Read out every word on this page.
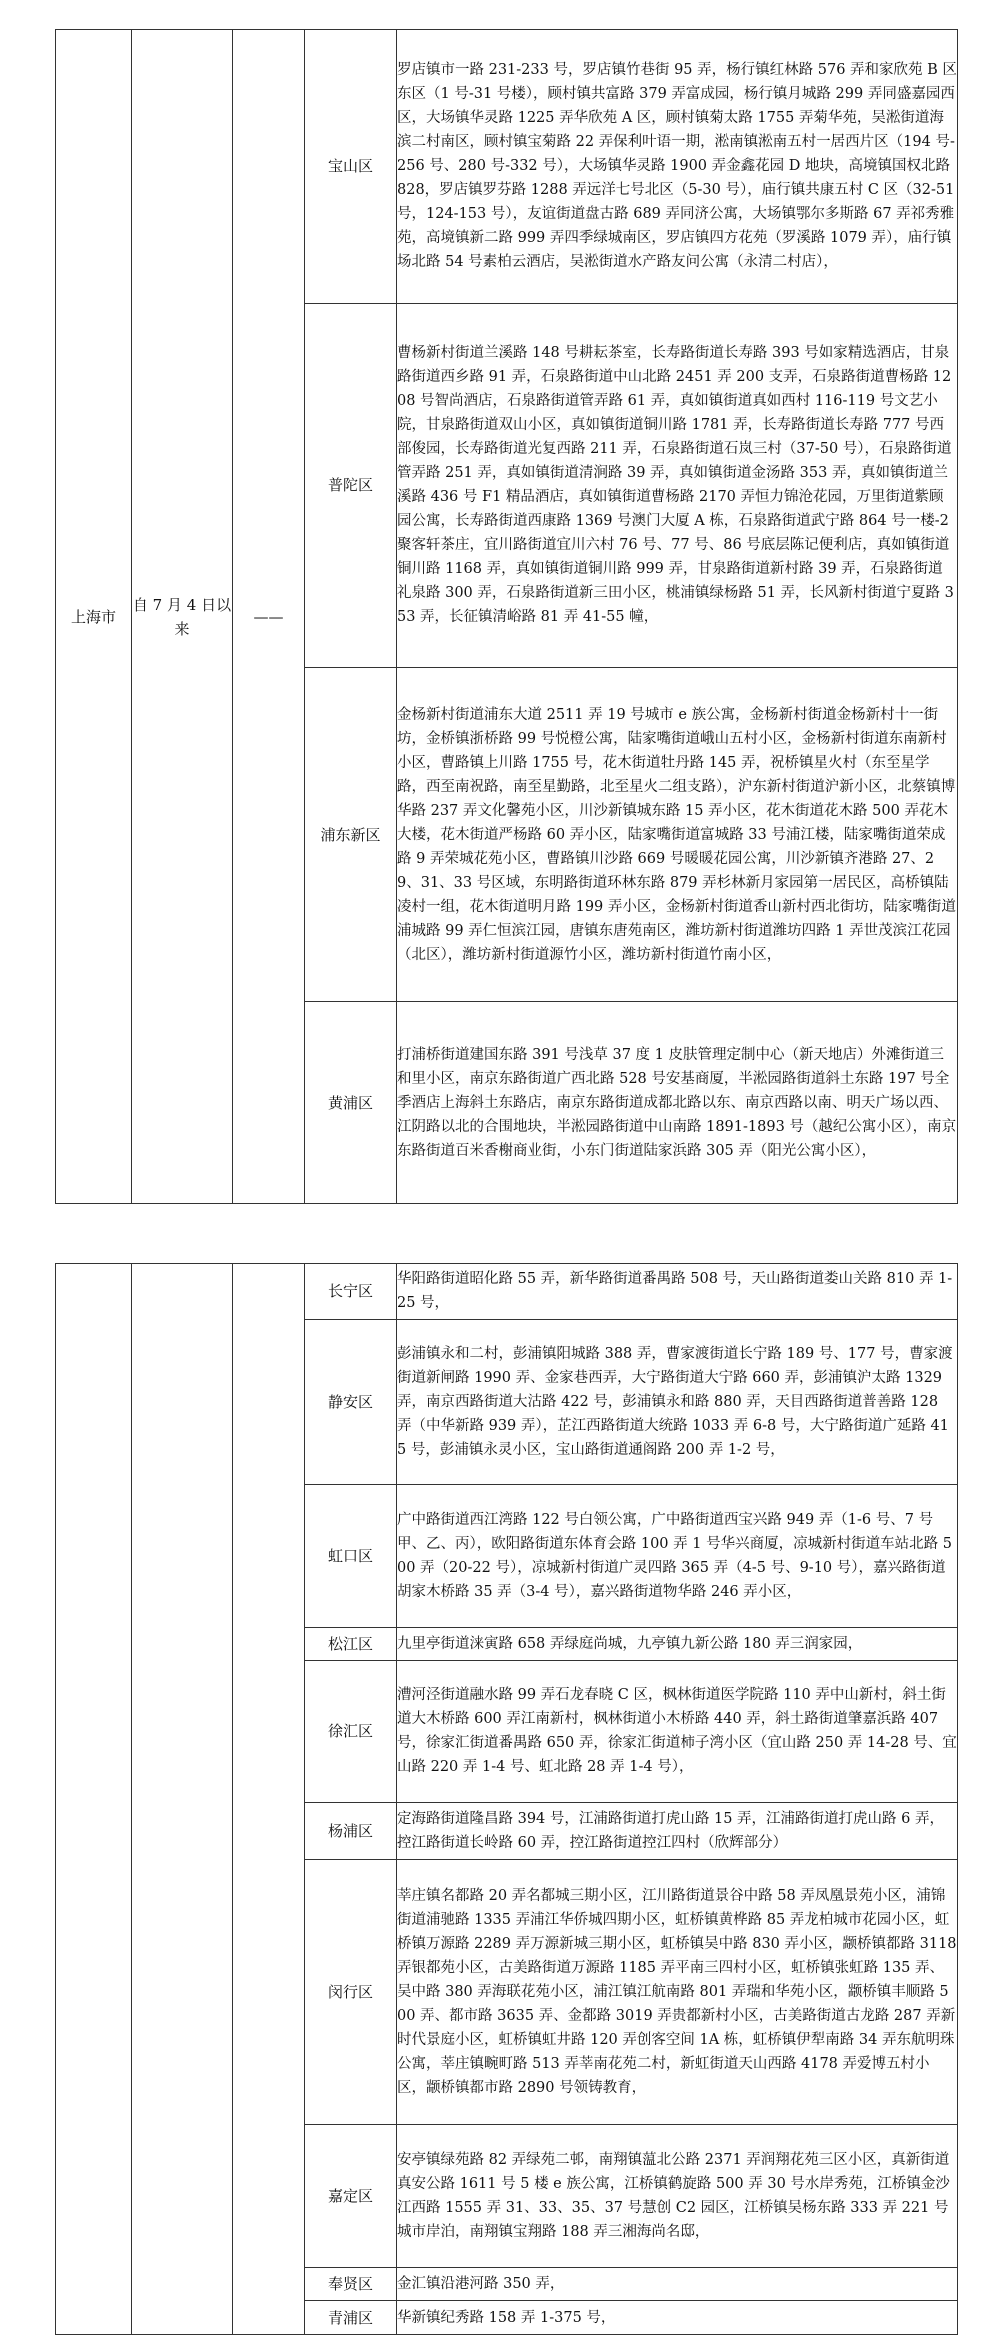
上海市	自 7 月 4 日以来	——	宝山区	罗店镇市一路 231-233 号，罗店镇竹巷街 95 弄，杨行镇红林路 576 弄和家欣苑 B 区东区（1 号-31 号楼），顾村镇共富路 379 弄富成园，杨行镇月城路 299 弄同盛嘉园西区，大场镇华灵路 1225 弄华欣苑 A 区，顾村镇菊太路 1755 弄菊华苑，吴淞街道海滨二村南区，顾村镇宝菊路 22 弄保利叶语一期，淞南镇淞南五村一居西片区（194 号-256 号、280 号-332 号），大场镇华灵路 1900 弄金鑫花园 D 地块，高境镇国权北路 828，罗店镇罗芬路 1288 弄远洋七号北区（5-30 号），庙行镇共康五村 C 区（32-51 号，124-153 号），友谊街道盘古路 689 弄同济公寓，大场镇鄂尔多斯路 67 弄祁秀雅苑，高境镇新二路 999 弄四季绿城南区，罗店镇四方花苑（罗溪路 1079 弄），庙行镇场北路 54 号素柏云酒店，吴淞街道水产路友问公寓（永清二村店），
			普陀区	曹杨新村街道兰溪路 148 号耕耘茶室，长寿路街道长寿路 393 号如家精选酒店，甘泉路街道西乡路 91 弄，石泉路街道中山北路 2451 弄 200 支弄，石泉路街道曹杨路 1208 号智尚酒店，石泉路街道管弄路 61 弄，真如镇街道真如西村 116-119 号文艺小院，甘泉路街道双山小区，真如镇街道铜川路 1781 弄，长寿路街道长寿路 777 号西部俊园，长寿路街道光复西路 211 弄，石泉路街道石岚三村（37-50 号），石泉路街道管弄路 251 弄，真如镇街道清涧路 39 弄，真如镇街道金汤路 353 弄，真如镇街道兰溪路 436 号 F1 精品酒店，真如镇街道曹杨路 2170 弄恒力锦沧花园，万里街道紫顾园公寓，长寿路街道西康路 1369 号澳门大厦 A 栋，石泉路街道武宁路 864 号一楼-2 聚客轩茶庄，宜川路街道宜川六村 76 号、77 号、86 号底层陈记便利店，真如镇街道铜川路 1168 弄，真如镇街道铜川路 999 弄，甘泉路街道新村路 39 弄，石泉路街道礼泉路 300 弄，石泉路街道新三田小区，桃浦镇绿杨路 51 弄，长风新村街道宁夏路 353 弄，长征镇清峪路 81 弄 41-55 幢，
			浦东新区	金杨新村街道浦东大道 2511 弄 19 号城市 e 族公寓，金杨新村街道金杨新村十一街坊，金桥镇浙桥路 99 号悦橙公寓，陆家嘴街道峨山五村小区，金杨新村街道东南新村小区，曹路镇上川路 1755 号，花木街道牡丹路 145 弄，祝桥镇星火村（东至星学路，西至南祝路，南至星勤路，北至星火二组支路），沪东新村街道沪新小区，北蔡镇博华路 237 弄文化馨苑小区，川沙新镇城东路 15 弄小区，花木街道花木路 500 弄花木大楼，花木街道严杨路 60 弄小区，陆家嘴街道富城路 33 号浦江楼，陆家嘴街道荣成路 9 弄荣城花苑小区，曹路镇川沙路 669 号暖暖花园公寓，川沙新镇齐港路 27、29、31、33 号区域，东明路街道环林东路 879 弄杉林新月家园第一居民区，高桥镇陆凌村一组，花木街道明月路 199 弄小区，金杨新村街道香山新村西北街坊，陆家嘴街道浦城路 99 弄仁恒滨江园，唐镇东唐苑南区，潍坊新村街道潍坊四路 1 弄世茂滨江花园（北区），潍坊新村街道源竹小区，潍坊新村街道竹南小区，
			黄浦区	打浦桥街道建国东路 391 号浅草 37 度 1 皮肤管理定制中心（新天地店）外滩街道三和里小区，南京东路街道广西北路 528 号安基商厦，半淞园路街道斜土东路 197 号全季酒店上海斜土东路店，南京东路街道成都北路以东、南京西路以南、明天广场以西、江阴路以北的合围地块，半淞园路街道中山南路 1891-1893 号（越纪公寓小区），南京东路街道百米香榭商业街，小东门街道陆家浜路 305 弄（阳光公寓小区），
			长宁区	华阳路街道昭化路 55 弄，新华路街道番禺路 508 号，天山路街道娄山关路 810 弄 1-25 号，
			静安区	彭浦镇永和二村，彭浦镇阳城路 388 弄，曹家渡街道长宁路 189 号、177 号，曹家渡街道新闸路 1990 弄、金家巷西弄，大宁路街道大宁路 660 弄，彭浦镇沪太路 1329 弄，南京西路街道大沽路 422 号，彭浦镇永和路 880 弄，天目西路街道普善路 128 弄（中华新路 939 弄），芷江西路街道大统路 1033 弄 6-8 号，大宁路街道广延路 415 号，彭浦镇永灵小区，宝山路街道通阁路 200 弄 1-2 号，
			虹口区	广中路街道西江湾路 122 号白领公寓，广中路街道西宝兴路 949 弄（1-6 号、7 号甲、乙、丙），欧阳路街道东体育会路 100 弄 1 号华兴商厦，凉城新村街道车站北路 500 弄（20-22 号），凉城新村街道广灵四路 365 弄（4-5 号、9-10 号），嘉兴路街道胡家木桥路 35 弄（3-4 号），嘉兴路街道物华路 246 弄小区，
			松江区	九里亭街道涞寅路 658 弄绿庭尚城，九亭镇九新公路 180 弄三润家园，
			徐汇区	漕河泾街道融水路 99 弄石龙春晓 C 区，枫林街道医学院路 110 弄中山新村，斜土街道大木桥路 600 弄江南新村，枫林街道小木桥路 440 弄，斜土路街道肇嘉浜路 407 号，徐家汇街道番禺路 650 弄，徐家汇街道柿子湾小区（宜山路 250 弄 14-28 号、宜山路 220 弄 1-4 号、虹北路 28 弄 1-4 号），
			杨浦区	定海路街道隆昌路 394 号，江浦路街道打虎山路 15 弄，江浦路街道打虎山路 6 弄，控江路街道长岭路 60 弄，控江路街道控江四村（欣辉部分）
			闵行区	莘庄镇名都路 20 弄名都城三期小区，江川路街道景谷中路 58 弄凤凰景苑小区，浦锦街道浦驰路 1335 弄浦江华侨城四期小区，虹桥镇黄桦路 85 弄龙柏城市花园小区，虹桥镇万源路 2289 弄万源新城三期小区，虹桥镇吴中路 830 弄小区，颛桥镇都路 3118 弄银都苑小区，古美路街道万源路 1185 弄平南三四村小区，虹桥镇张虹路 135 弄、吴中路 380 弄海联花苑小区，浦江镇江航南路 801 弄瑞和华苑小区，颛桥镇丰顺路 500 弄、都市路 3635 弄、金都路 3019 弄贵都新村小区，古美路街道古龙路 287 弄新时代景庭小区，虹桥镇虹井路 120 弄创客空间 1A 栋，虹桥镇伊犁南路 34 弄东航明珠公寓，莘庄镇畹町路 513 弄莘南花苑二村，新虹街道天山西路 4178 弄爱博五村小区，颛桥镇都市路 2890 号领铸教育，
			嘉定区	安亭镇绿苑路 82 弄绿苑二邨，南翔镇蕰北公路 2371 弄润翔花苑三区小区，真新街道真安公路 1611 号 5 楼 e 族公寓，江桥镇鹤旋路 500 弄 30 号水岸秀苑，江桥镇金沙江西路 1555 弄 31、33、35、37 号慧创 C2 园区，江桥镇吴杨东路 333 弄 221 号城市岸泊，南翔镇宝翔路 188 弄三湘海尚名邸，
			奉贤区	金汇镇沿港河路 350 弄，
			青浦区	华新镇纪秀路 158 弄 1-375 号，
